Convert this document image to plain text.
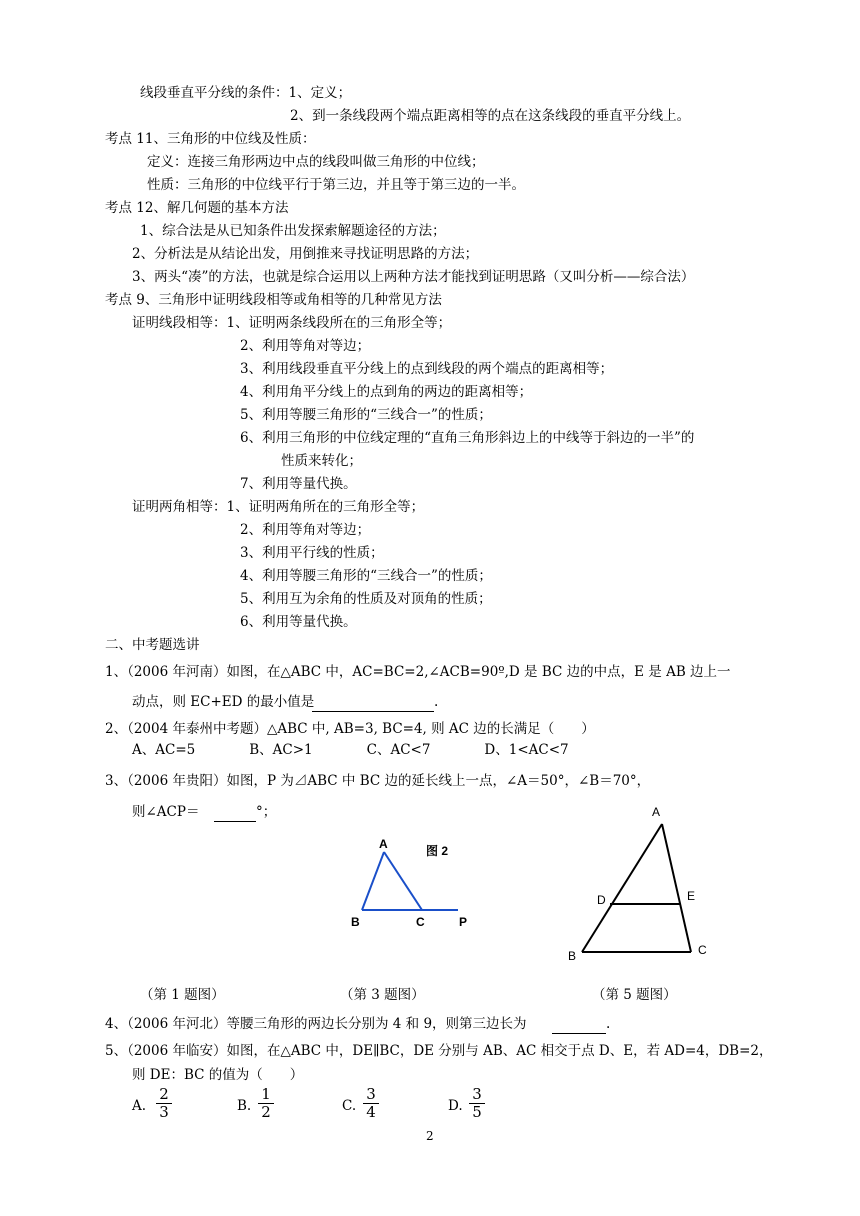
线段垂直平分线的条件：1、定义；
2、到一条线段两个端点距离相等的点在这条线段的垂直平分线上。
考点 11、三角形的中位线及性质：
定义：连接三角形两边中点的线段叫做三角形的中位线；
性质：三角形的中位线平行于第三边，并且等于第三边的一半。
考点 12、解几何题的基本方法
1、综合法是从已知条件出发探索解题途径的方法；
2、分析法是从结论出发，用倒推来寻找证明思路的方法；
3、两头“凑”的方法，也就是综合运用以上两种方法才能找到证明思路（又叫分析——综合法）
考点 9、三角形中证明线段相等或角相等的几种常见方法
证明线段相等：1、证明两条线段所在的三角形全等；
2、利用等角对等边；
3、利用线段垂直平分线上的点到线段的两个端点的距离相等；
4、利用角平分线上的点到角的两边的距离相等；
5、利用等腰三角形的“三线合一”的性质；
6、利用三角形的中位线定理的“直角三角形斜边上的中线等于斜边的一半”的
性质来转化；
7、利用等量代换。
证明两角相等：1、证明两角所在的三角形全等；
2、利用等角对等边；
3、利用平行线的性质；
4、利用等腰三角形的“三线合一”的性质；
5、利用互为余角的性质及对顶角的性质；
6、利用等量代换。
二、中考题选讲
1、（2006 年河南）如图，在△ABC 中，AC=BC=2,∠ACB=90º,D 是 BC 边的中点，E 是 AB 边上一
动点，则 EC+ED 的最小值是
2、（2004 年泰州中考题）△ABC 中, AB=3, BC=4, 则 AC 边的长满足（　　）
A、AC=5　　　　B、AC>1　　　　C、AC<7　　　　D、1<AC<7
3、（2006 年贵阳）如图，P 为⊿ABC 中 BC 边的延长线上一点，∠A＝50°，∠B＝70°，
则∠ACP＝
4、（2006 年河北）等腰三角形的两边长分别为 4 和 9，则第三边长为
5、（2006 年临安）如图，在△ABC 中，DE∥BC，DE 分别与 AB、AC 相交于点 D、E，若 AD=4，DB=2，
则 DE：BC 的值为（　　）
.
°；
.
A. $\frac{2}{3}$	B. $\frac{1}{2}$	C. $\frac{3}{4}$	D. $\frac{3}{5}$
A
B	C	P
图 2
A
B	C
D	E
（第 1 题图）	（第 3 题图）	（第 5 题图）
2
